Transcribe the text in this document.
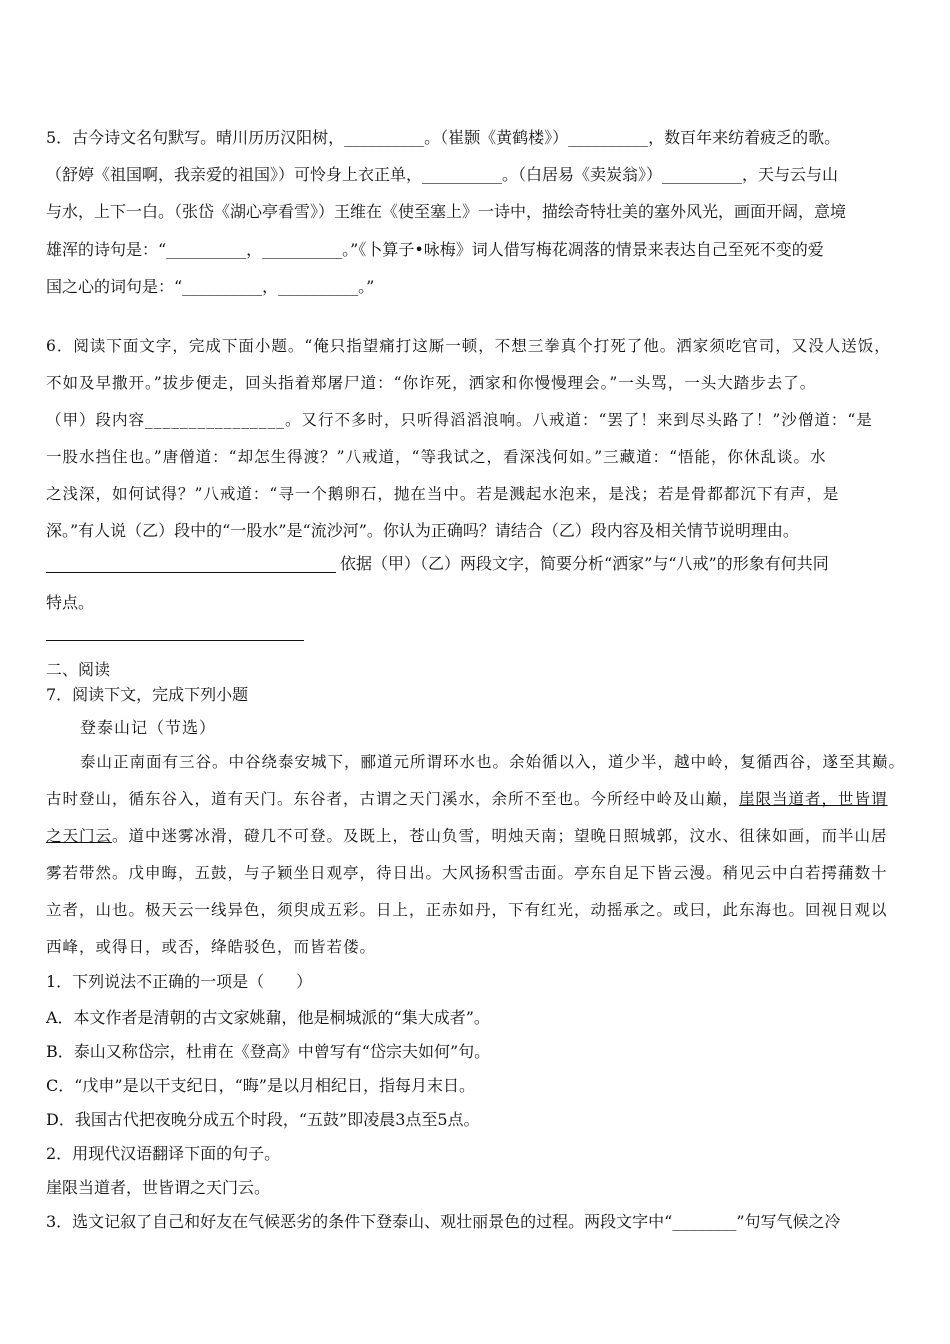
5．古今诗文名句默写。晴川历历汉阳树，__________。（崔颢《黄鹤楼》）__________，数百年来纺着疲乏的歌。
（舒婷《祖国啊，我亲爱的祖国》）可怜身上衣正单，__________。（白居易《卖炭翁》）__________，天与云与山
与水，上下一白。（张岱《湖心亭看雪》）王维在《使至塞上》一诗中，描绘奇特壮美的塞外风光，画面开阔，意境
雄浑的诗句是：“__________，__________。”《卜算子•咏梅》词人借写梅花凋落的情景来表达自己至死不变的爱
国之心的词句是：“__________，__________。”
6．阅读下面文字，完成下面小题。“俺只指望痛打这厮一顿，不想三拳真个打死了他。洒家须吃官司，又没人送饭，
不如及早撒开。”拔步便走，回头指着郑屠尸道：“你诈死，洒家和你慢慢理会。”一头骂，一头大踏步去了。
（甲）段内容________________。又行不多时，只听得滔滔浪响。八戒道：“罢了！来到尽头路了！”沙僧道：“是
一股水挡住也。”唐僧道：“却怎生得渡？”八戒道，“等我试之，看深浅何如。”三藏道：“悟能，你休乱谈。水
之浅深，如何试得？”八戒道：“寻一个鹅卵石，抛在当中。若是溅起水泡来，是浅；若是骨都都沉下有声，是
深。”有人说（乙）段中的“一股水”是“流沙河”。你认为正确吗？请结合（乙）段内容及相关情节说明理由。
依据（甲）（乙）两段文字，简要分析“洒家”与“八戒”的形象有何共同
特点。
二、阅读
7．阅读下文，完成下列小题
登泰山记（节选）
泰山正南面有三谷。中谷绕泰安城下，郦道元所谓环水也。余始循以入，道少半，越中岭，复循西谷，遂至其巅。
古时登山，循东谷入，道有天门。东谷者，古谓之天门溪水，余所不至也。今所经中岭及山巅，崖限当道者，世皆谓
之天门云。道中迷雾冰滑，磴几不可登。及既上，苍山负雪，明烛天南；望晚日照城郭，汶水、徂徕如画，而半山居
雾若带然。戊申晦，五鼓，与子颖坐日观亭，待日出。大风扬积雪击面。亭东自足下皆云漫。稍见云中白若摴蒱数十
立者，山也。极天云一线异色，须臾成五彩。日上，正赤如丹，下有红光，动摇承之。或曰，此东海也。回视日观以
西峰，或得日，或否，绛皓驳色，而皆若偻。
1．下列说法不正确的一项是（　　）
A．本文作者是清朝的古文家姚鼐，他是桐城派的“集大成者”。
B．泰山又称岱宗，杜甫在《登高》中曾写有“岱宗夫如何”句。
C．“戊申”是以干支纪日，“晦”是以月相纪日，指每月末日。
D．我国古代把夜晚分成五个时段，“五鼓”即凌晨3点至5点。
2．用现代汉语翻译下面的句子。
崖限当道者，世皆谓之天门云。
3．选文记叙了自己和好友在气候恶劣的条件下登泰山、观壮丽景色的过程。两段文字中“________”句写气候之冷
